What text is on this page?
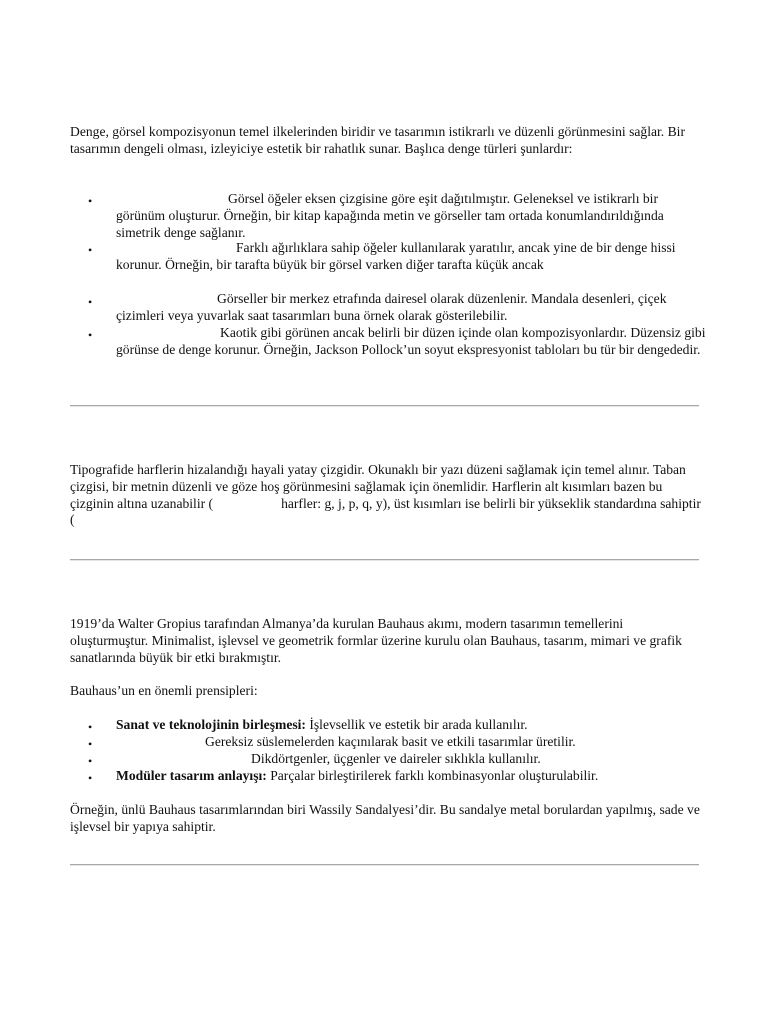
Denge, görsel kompozisyonun temel ilkelerinden biridir ve tasarımın istikrarlı ve düzenli görünmesini sağlar. Bir tasarımın dengeli olması, izleyiciye estetik bir rahatlık sunar. Başlıca denge türleri şunlardır:

•	Görsel öğeler eksen çizgisine göre eşit dağıtılmıştır. Geleneksel ve istikrarlı bir görünüm oluşturur. Örneğin, bir kitap kapağında metin ve görseller tam ortada konumlandırıldığında simetrik denge sağlanır.
•	Farklı ağırlıklara sahip öğeler kullanılarak yaratılır, ancak yine de bir denge hissi korunur. Örneğin, bir tarafta büyük bir görsel varken diğer tarafta küçük ancak
•	Görseller bir merkez etrafında dairesel olarak düzenlenir. Mandala desenleri, çiçek çizimleri veya yuvarlak saat tasarımları buna örnek olarak gösterilebilir.
•	Kaotik gibi görünen ancak belirli bir düzen içinde olan kompozisyonlardır. Düzensiz gibi görünse de denge korunur. Örneğin, Jackson Pollock’un soyut ekspresyonist tabloları bu tür bir dengededir.

Tipografide harflerin hizalandığı hayali yatay çizgidir. Okunaklı bir yazı düzeni sağlamak için temel alınır. Taban çizgisi, bir metnin düzenli ve göze hoş görünmesini sağlamak için önemlidir. Harflerin alt kısımları bazen bu çizginin altına uzanabilir (	harfler: g, j, p, q, y), üst kısımları ise belirli bir yükseklik standardına sahiptir (

1919’da Walter Gropius tarafından Almanya’da kurulan Bauhaus akımı, modern tasarımın temellerini oluşturmuştur. Minimalist, işlevsel ve geometrik formlar üzerine kurulu olan Bauhaus, tasarım, mimari ve grafik sanatlarında büyük bir etki bırakmıştır.

Bauhaus’un en önemli prensipleri:

• Sanat ve teknolojinin birleşmesi: İşlevsellik ve estetik bir arada kullanılır.
•	Gereksiz süslemelerden kaçınılarak basit ve etkili tasarımlar üretilir.
•	Dikdörtgenler, üçgenler ve daireler sıklıkla kullanılır.
• Modüler tasarım anlayışı: Parçalar birleştirilerek farklı kombinasyonlar oluşturulabilir.

Örneğin, ünlü Bauhaus tasarımlarından biri Wassily Sandalyesi’dir. Bu sandalye metal borulardan yapılmış, sade ve işlevsel bir yapıya sahiptir.
